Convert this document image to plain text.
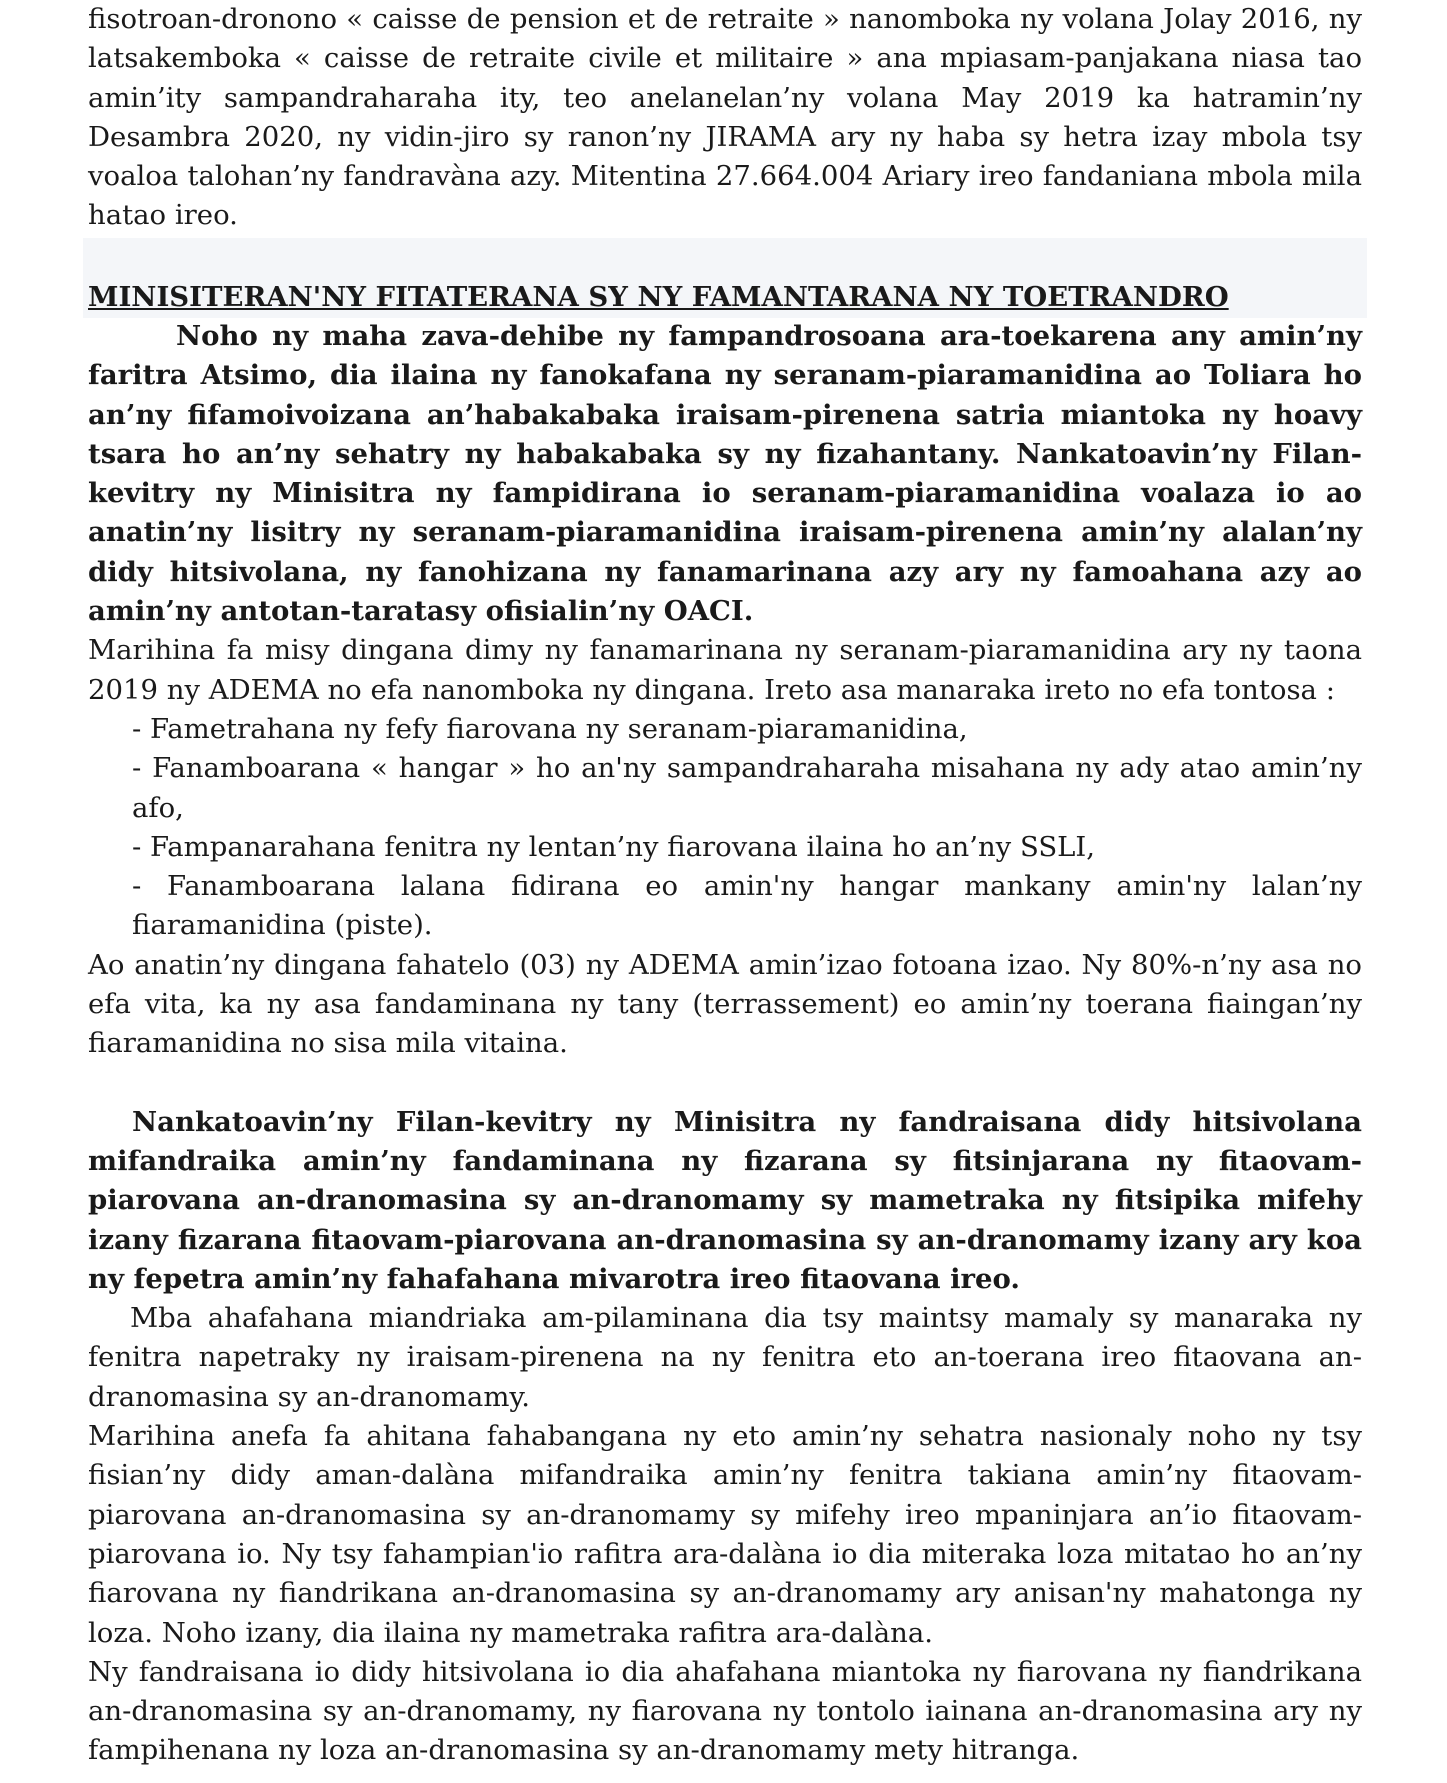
fisotroan-dronono « caisse de pension et de retraite » nanomboka ny volana Jolay 2016, ny latsakemboka « caisse de retraite civile et militaire » ana mpiasam-panjakana niasa tao amin’ity sampandraharaha ity, teo anelanelan’ny volana May 2019 ka hatramin’ny Desambra 2020, ny vidin-jiro sy ranon’ny JIRAMA ary ny haba sy hetra izay mbola tsy voaloa talohan’ny fandravàna azy. Mitentina 27.664.004 Ariary ireo fandaniana mbola mila hatao ireo.

MINISITERAN'NY FITATERANA SY NY FAMANTARANA NY TOETRANDRO

Noho ny maha zava-dehibe ny fampandrosoana ara-toekarena any amin’ny faritra Atsimo, dia ilaina ny fanokafana ny seranam-piaramanidina ao Toliara ho an’ny fifamoivoizana an’habakabaka iraisam-pirenena satria miantoka ny hoavy tsara ho an’ny sehatry ny habakabaka sy ny fizahantany. Nankatoavin’ny Filan-kevitry ny Minisitra ny fampidirana io seranam-piaramanidina voalaza io ao anatin’ny lisitry ny seranam-piaramanidina iraisam-pirenena amin’ny alalan’ny didy hitsivolana, ny fanohizana ny fanamarinana azy ary ny famoahana azy ao amin’ny antotan-taratasy ofisialin’ny OACI.

Marihina fa misy dingana dimy ny fanamarinana ny seranam-piaramanidina ary ny taona 2019 ny ADEMA no efa nanomboka ny dingana. Ireto asa manaraka ireto no efa tontosa :

- Fametrahana ny fefy fiarovana ny seranam-piaramanidina,
- Fanamboarana « hangar » ho an'ny sampandraharaha misahana ny ady atao amin’ny afo,
- Fampanarahana fenitra ny lentan’ny fiarovana ilaina ho an’ny SSLI,
- Fanamboarana lalana fidirana eo amin'ny hangar mankany amin'ny lalan’ny fiaramanidina (piste).

Ao anatin’ny dingana fahatelo (03) ny ADEMA amin’izao fotoana izao. Ny 80%-n’ny asa no efa vita, ka ny asa fandaminana ny tany (terrassement) eo amin’ny toerana fiaingan’ny fiaramanidina no sisa mila vitaina.

Nankatoavin’ny Filan-kevitry ny Minisitra ny fandraisana didy hitsivolana mifandraika amin’ny fandaminana ny fizarana sy fitsinjarana ny fitaovam-piarovana an-dranomasina sy an-dranomamy sy mametraka ny fitsipika mifehy izany fizarana fitaovam-piarovana an-dranomasina sy an-dranomamy izany ary koa ny fepetra amin’ny fahafahana mivarotra ireo fitaovana ireo.

Mba ahafahana miandriaka am-pilaminana dia tsy maintsy mamaly sy manaraka ny fenitra napetraky ny iraisam-pirenena na ny fenitra eto an-toerana ireo fitaovana an-dranomasina sy an-dranomamy.

Marihina anefa fa ahitana fahabangana ny eto amin’ny sehatra nasionaly noho ny tsy fisian’ny didy aman-dalàna mifandraika amin’ny fenitra takiana amin’ny fitaovam-piarovana an-dranomasina sy an-dranomamy sy mifehy ireo mpaninjara an’io fitaovam-piarovana io. Ny tsy fahampian'io rafitra ara-dalàna io dia miteraka loza mitatao ho an’ny fiarovana ny fiandrikana an-dranomasina sy an-dranomamy ary anisan'ny mahatonga ny loza. Noho izany, dia ilaina ny mametraka rafitra ara-dalàna.

Ny fandraisana io didy hitsivolana io dia ahafahana miantoka ny fiarovana ny fiandrikana an-dranomasina sy an-dranomamy, ny fiarovana ny tontolo iainana an-dranomasina ary ny fampihenana ny loza an-dranomasina sy an-dranomamy mety hitranga.
